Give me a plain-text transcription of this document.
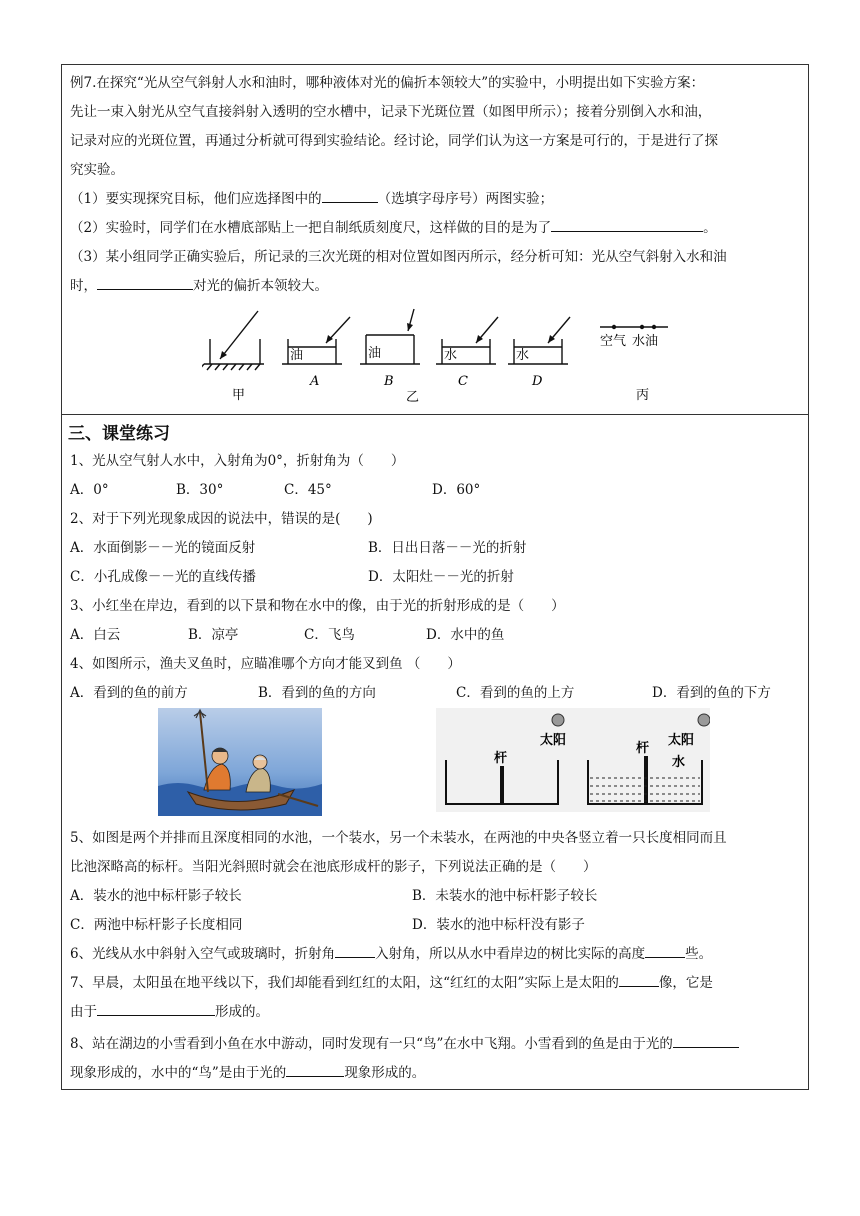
例7.在探究“光从空气斜射人水和油时，哪种液体对光的偏折本领较大”的实验中，小明提出如下实验方案：
先让一束入射光从空气直接斜射入透明的空水槽中，记录下光斑位置（如图甲所示）；接着分别倒入水和油，
记录对应的光斑位置，再通过分析就可得到实验结论。经讨论，同学们认为这一方案是可行的，于是进行了探
究实验。
（1）要实现探究目标，他们应选择图中的	（选填字母序号）两图实验；
（2）实验时，同学们在水槽底部贴上一把自制纸质刻度尺，这样做的目的是为了	。
（3）某小组同学正确实验后，所记录的三次光斑的相对位置如图丙所示，经分析可知：光从空气斜射入水和油
时，	对光的偏折本领较大。
油	油	水	水
空气 水油
A	B	C	D
甲	乙	丙
三、课堂练习
1、光从空气射人水中，入射角为0°，折射角为（　　）
A．0°	B．30°	C．45°	D．60°
2、对于下列光现象成因的说法中，错误的是(　　)
A．水面倒影－－光的镜面反射	B．日出日落－－光的折射
C．小孔成像－－光的直线传播	D．太阳灶－－光的折射
3、小红坐在岸边，看到的以下景和物在水中的像，由于光的折射形成的是（　　）
A．白云	B．凉亭	C．飞鸟	D．水中的鱼
4、如图所示，渔夫叉鱼时，应瞄准哪个方向才能叉到鱼 （　　）
A．看到的鱼的前方	B．看到的鱼的方向	C．看到的鱼的上方	D．看到的鱼的下方
杆
太阳
杆
太阳
水
5、如图是两个并排而且深度相同的水池，一个装水，另一个未装水，在两池的中央各竖立着一只长度相同而且
比池深略高的标杆。当阳光斜照时就会在池底形成杆的影子，下列说法正确的是（　　）
A．装水的池中标杆影子较长	B．未装水的池中标杆影子较长
C．两池中标杆影子长度相同	D．装水的池中标杆没有影子
6、光线从水中斜射入空气或玻璃时，折射角	入射角，所以从水中看岸边的树比实际的高度	些。
7、早晨，太阳虽在地平线以下，我们却能看到红红的太阳，这“红红的太阳”实际上是太阳的	像，它是
由于	形成的。
8、站在湖边的小雪看到小鱼在水中游动，同时发现有一只“鸟”在水中飞翔。小雪看到的鱼是由于光的
现象形成的，水中的“鸟”是由于光的	现象形成的。
